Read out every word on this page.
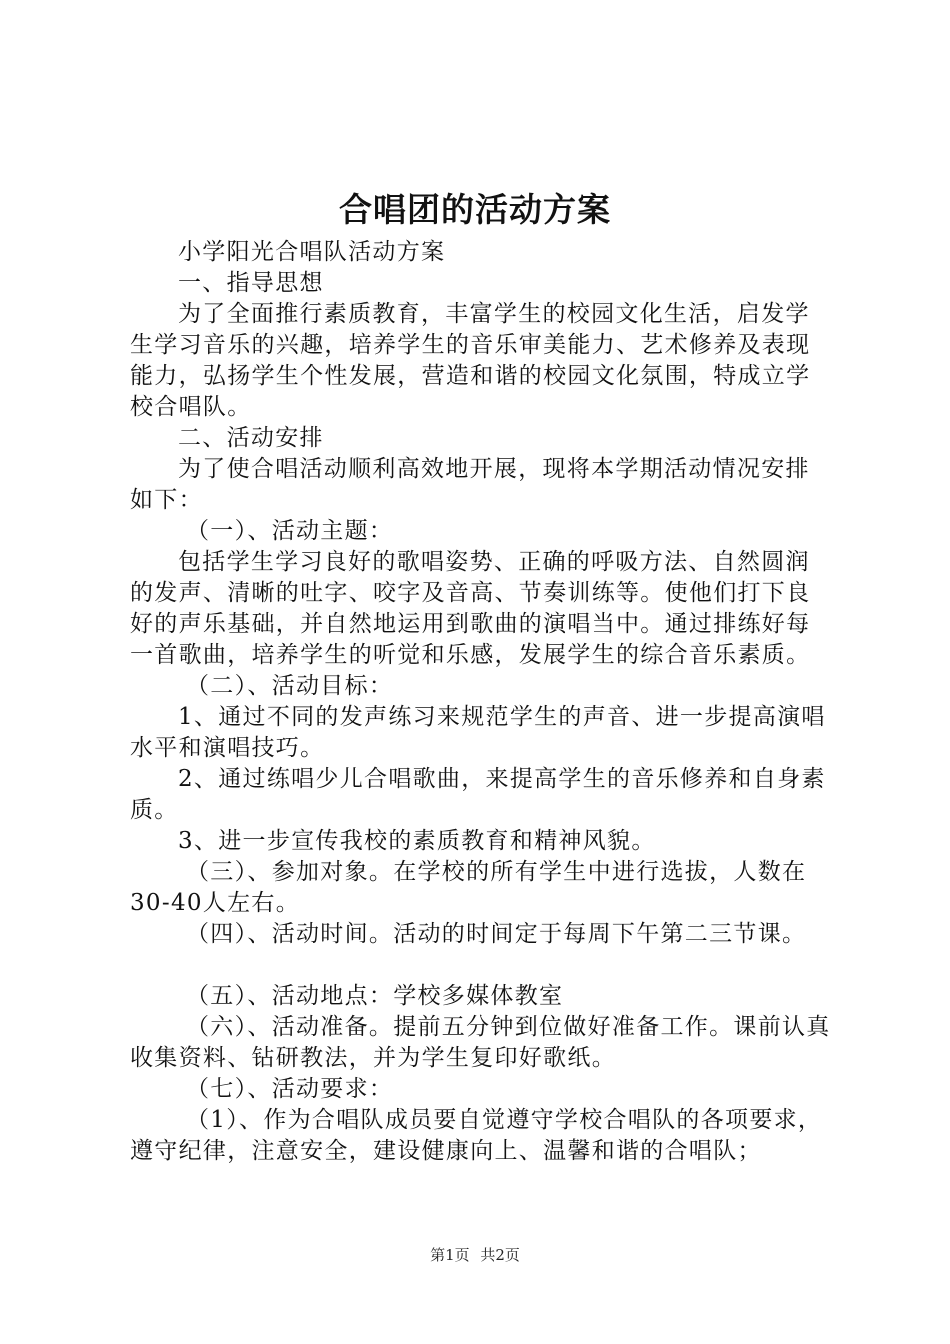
合唱团的活动方案

小学阳光合唱队活动方案

一、指导思想

为了全面推行素质教育，丰富学生的校园文化生活，启发学生学习音乐的兴趣，培养学生的音乐审美能力、艺术修养及表现能力，弘扬学生个性发展，营造和谐的校园文化氛围，特成立学校合唱队。

二、活动安排

为了使合唱活动顺利高效地开展，现将本学期活动情况安排如下：

（一）、活动主题：

包括学生学习良好的歌唱姿势、正确的呼吸方法、自然圆润的发声、清晰的吐字、咬字及音高、节奏训练等。使他们打下良好的声乐基础，并自然地运用到歌曲的演唱当中。通过排练好每一首歌曲，培养学生的听觉和乐感，发展学生的综合音乐素质。

（二）、活动目标：

1、通过不同的发声练习来规范学生的声音、进一步提高演唱水平和演唱技巧。

2、通过练唱少儿合唱歌曲，来提高学生的音乐修养和自身素质。

3、进一步宣传我校的素质教育和精神风貌。

（三）、参加对象。在学校的所有学生中进行选拔，人数在30-40人左右。

（四）、活动时间。活动的时间定于每周下午第二三节课。

（五）、活动地点：学校多媒体教室

（六）、活动准备。提前五分钟到位做好准备工作。课前认真收集资料、钻研教法，并为学生复印好歌纸。

（七）、活动要求：

（1）、作为合唱队成员要自觉遵守学校合唱队的各项要求，遵守纪律，注意安全，建设健康向上、温馨和谐的合唱队；

第1页 共2页
